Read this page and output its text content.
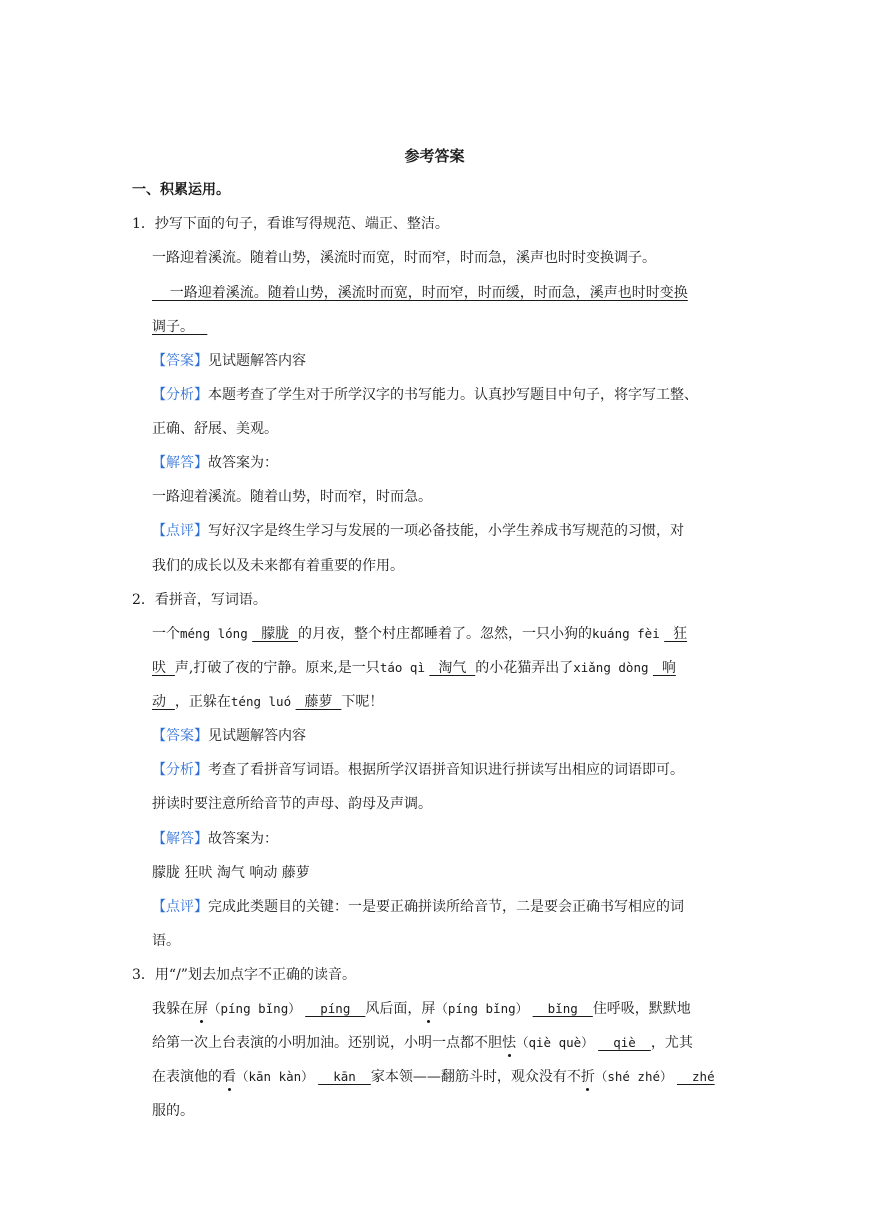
参考答案
一、积累运用。
1．抄写下面的句子，看谁写得规范、端正、整洁。
一路迎着溪流。随着山势，溪流时而宽，时而窄，时而急，溪声也时时变换调子。
一路迎着溪流。随着山势，溪流时而宽，时而窄，时而缓，时而急，溪声也时时变换
调子。
【答案】见试题解答内容
【分析】本题考查了学生对于所学汉字的书写能力。认真抄写题目中句子，将字写工整、
正确、舒展、美观。
【解答】故答案为：
一路迎着溪流。随着山势，时而窄，时而急。
【点评】写好汉字是终生学习与发展的一项必备技能，小学生养成书写规范的习惯，对
我们的成长以及未来都有着重要的作用。
2．看拼音，写词语。
一个méng lóng   朦胧  的月夜，整个村庄都睡着了。忽然，一只小狗的kuáng fèi   狂
吠  声,打破了夜的宁静。原来,是一只táo qì   淘气  的小花猫弄出了xiǎng dòng   响
动  ，正躲在téng luó   藤萝  下呢！
【答案】见试题解答内容
【分析】考查了看拼音写词语。根据所学汉语拼音知识进行拼读写出相应的词语即可。
拼读时要注意所给音节的声母、韵母及声调。
【解答】故答案为：
朦胧 狂吠 淘气 响动 藤萝
【点评】完成此类题目的关键：一是要正确拼读所给音节，二是要会正确书写相应的词
语。
3．用“/”划去加点字不正确的读音。
我躲在屏（píng bǐng）   píng  风后面，屏（píng bǐng）   bǐng  住呼吸，默默地
给第一次上台表演的小明加油。还别说，小明一点都不胆怯（qiè què）   qiè  ，尤其
在表演他的看（kān kàn）   kān  家本领——翻筋斗时，观众没有不折（shé zhé）   zhé
服的。
